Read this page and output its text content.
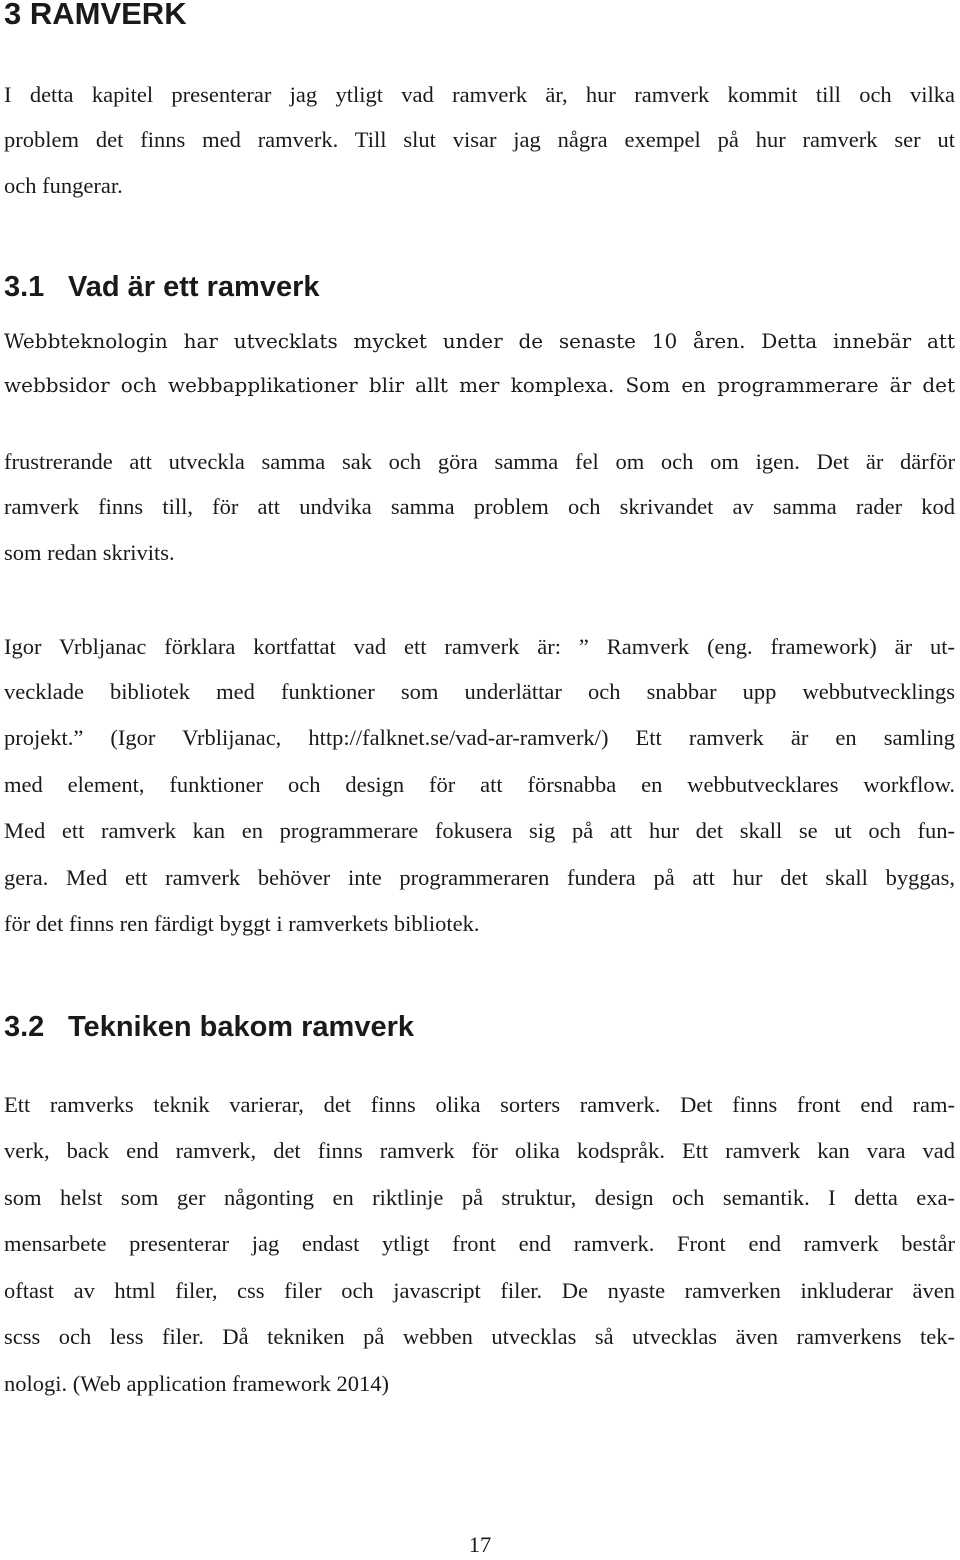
3 RAMVERK

I detta kapitel presenterar jag ytligt vad ramverk är, hur ramverk kommit till och vilka

problem det finns med ramverk. Till slut visar jag några exempel på hur ramverk ser ut

och fungerar.

3.1 Vad är ett ramverk

Webbteknologin har utvecklats mycket under de senaste 10 åren. Detta innebär att

webbsidor och webbapplikationer blir allt mer komplexa. Som en programmerare är det

frustrerande att utveckla samma sak och göra samma fel om och om igen. Det är därför

ramverk finns till, för att undvika samma problem och skrivandet av samma rader kod

som redan skrivits.

Igor Vrbljanac förklara kortfattat vad ett ramverk är: ” Ramverk (eng. framework) är ut-

vecklade bibliotek med funktioner som underlättar och snabbar upp webbutvecklings

projekt.” (Igor Vrblijanac, http://falknet.se/vad-ar-ramverk/) Ett ramverk är en samling

med element, funktioner och design för att försnabba en webbutvecklares workflow.

Med ett ramverk kan en programmerare fokusera sig på att hur det skall se ut och fun-

gera. Med ett ramverk behöver inte programmeraren fundera på att hur det skall byggas,

för det finns ren färdigt byggt i ramverkets bibliotek.

3.2 Tekniken bakom ramverk

Ett ramverks teknik varierar, det finns olika sorters ramverk. Det finns front end ram-

verk, back end ramverk, det finns ramverk för olika kodspråk. Ett ramverk kan vara vad

som helst som ger någonting en riktlinje på struktur, design och semantik. I detta exa-

mensarbete presenterar jag endast ytligt front end ramverk. Front end ramverk består

oftast av html filer, css filer och javascript filer. De nyaste ramverken inkluderar även

scss och less filer. Då tekniken på webben utvecklas så utvecklas även ramverkens tek-

nologi. (Web application framework 2014)

17
